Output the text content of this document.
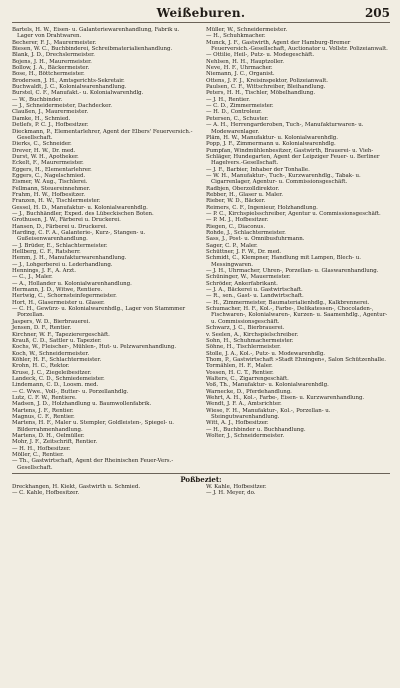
Weißeburen.	205

Bartels, H. W., Eisen- u. Galanteriewarenhandlung, Fabrik u. Lager von Drahtwaren.

Becherer, F. J., Maurermeister.

Biesen, W. C., Buchbinderei, Schreibmaterialienhandlung.

Blank, J. D., Drechslermeister.

Bojens, J. H., Maurermeister.

Bollow, J. A., Bäckermeister.

Bose, H., Böttchermeister.

Brodersen, J. H., Amtsgerichts-Sekretair.

Buchwaldt, J. C., Kolonialwarenhandlung.

Burstel, C. F., Manufakt.- u. Kolonialwarenhdlg.

— W., Buchbinder.

— J., Schneidermeister, Dachdecker.

Claußen, J., Maurermeister.

Damke, H., Schmied.

Detlefs, P. C. J., Hofbesitzer.

Dieckmann, P., Elementarlehrer, Agent der Elbers' Feuerversich.-Gesellschaft.

Dierks, C., Schneider.

Drever, H. W., Dr. med.

Durst, W. H., Apotheker.

Eckelt, F., Maurermeister.

Eggers, H., Elementarlehrer.

Eggers, C., Nagelschmied.

Eismer, W. Aug., Tischlerei.

Fellmann, Steuereinnehmer.

Frahm, H. W., Hofbesitzer.

Franzen, H. W., Tischlermeister.

Gessel, H. D., Manufaktur- u. Kolonialwarenhdlg.

— J., Buchhändler, Exped. des Lübeckischen Boten.

Grothusen, J. W., Färberei u. Druckerei.

Hansen, D., Färberei u. Druckerei.

Harding, C. F. A., Galanterie-, Kurz-, Stangen- u. Gußeisenwarenhandlung.

— J. Brüder, E., Schlachtermeister.

Hellberg, C. F., Ratsherr.

Hemm, J. H., Manufakturwarenhandlung.

— J., Lohgerberei u. Lederhandlung.

Hennings, J. F., A. Arzt.

— C., J., Maler.

— A., Hollander u. Kolonialwarenhandlung.

Hermann, J. D., Witwe, Rentiere.

Hertwig, C., Schornsteinfegermeister.

Hort, H., Glasermeister u. Glaser.

— C. H., Gewürz- u. Kolonialwarenhdlg., Lager von Stammmer Porzellan.

Jaspers, W. D., Bierbrauerei.

Jensen, D. F., Rentier.

Kirchner, W. F., Tapezierergeschäft.

Krauß, C. D., Sattler u. Tapezier.

Kochs, W., Fleischer-, Mühlen-, Hut- u. Pelzwarenhandlung.

Koch, W., Schneidermeister.

Köhler, H. F., Schlachtermeister.

Krohn, H. C., Rektor.

Kruse, J. C., Ziegeleibesitzer.

Landeck, C. D., Schmiedemeister.

Lindemann, C. D., Loosm. med.

— C. Wwe., Voll-, Butter- u. Porzellanhdlg.

Lutz, C. F. W., Rentiere.

Madsen, J. D., Holzhandlung u. Baumwollenfabrik.

Martens, J. F., Rentier.

Magnus, C. F., Rentier.

Martens, H. F., Maler u. Stempler, Goldleisten-, Spiegel- u. Bilderrahmenhandlung.

Martens, D. H., Oelmüller.

Mohr, J. F., Zeitschrift, Rentier.

— H. H., Hofbesitzer.

Möller, C., Rentier.

— Th., Gastwirtschaft, Agent der Rheinischen Feuer-Vers.-Gesellschaft.

Müller, W., Schneidermeister.

— H., Schuhkmacher.

Munck, J. F., Gastwirth, Agent der Hamburg-Bremer Feuerversich.-Gesellschaft, Auctionator u. Vollstr. Polizeianwalt.

— Ottilie, Heil-, Putz- u. Modegeschäft.

Nehlsen, H. H., Hauptzoller.

Neve, H. F., Uhrmacher.

Niemann, J. C., Organist.

Ottens, J. F. J., Kreisinspektor, Polizeianwalt.

Paulsen, C. F., Wittschreiber, Bleihandlung.

Peters, H. H., Tischler, Möbelhandlung.

— J. H., Rentier.

— C. D., Zimmermeister.

— H. D., Controleur.

Petersen, C., Schuster.

— A. H., Herrengarderoben, Tuch-, Manufakturwaren- u. Modewarenlager.

Pläm, H. W., Manufaktur- u. Kolonialwarenhdlg.

Popp, J. F., Zimmermann u. Kolonialwarenhdlg.

Pumpfan, Windmühlenbesitzer, Gastwirth, Brauerei- u. Vieh-

Schläger, Hundegarten, Agent der Leipziger Feuer- u. Berliner Hagelvers.-Gesellschaft.

— J. F., Barbier, Inhaber der Tonhalle.

— W. H., Manufaktur-, Tuch-, Kurzwarenhdlg., Tabak- u. Cigarrenlager, Agentur- u. Commissionsgeschäft.

Radbjen, Oberzolldirektor.

Rebber, H., Glaser u. Maler.

Rieber, W. D., Bäcker.

Reimers, C. F., Ingenieur, Holzhandlung.

— P. C., Kirchspielsschreiber, Agentur u. Commissionsgeschäft.

— P. M. J., Hofbesitzer.

Riegen, C., Diaconus.

Rohde, J., Schlachtermeister.

Sass, J., Post- u. Omnibusfuhrmann.

Sager, C. P., Maler.

Schüttner, J. F. W., Dr. med.

Schmidt, C., Klempner, Handlung mit Lampen, Blech- u. Messingwaren.

— J. H., Uhrmacher, Uhren-, Porzellan- u. Glaswarenhandlung.

Schüninger, W., Mauermeister.

Schröder, Ankerfabrikant.

— J. A., Bäckerei u. Gastwirtschaft.

— R., sen., Gast- u. Landwirtschaft.

— H., Zimmermeister, Baumaterialienhdlg., Kalkbrennerei.

Schumacher, H. F., Kol.-, Farbe-, Delikatessen-, Chocoladen-, Fischwaren-, Kolonialwaren-, Kurzen- u. Saamenhdlg., Agentur- u. Commissionsgeschäft.

Schwarz, J. C., Bierbrauerei.

v. Seelen, A., Kirchspielschreiber.

Sohn, H., Schuhmachermeister.

Söhne, H., Tischlermeister.

Stolle, J. A., Kol.-, Putz- u. Modewarenhdlg.

Thom, P., Gastwirtschaft »Stadt Ehningen«, Salon Schützenhalle.

Tormählen, H. F., Maler.

Vossen, H. C. T., Rentier.

Walters, C., Zigarrengeschäft.

Voß, Th., Manufaktur- u. Kolonialwarenhdlg.

Warnecke, D., Pferdehandlung.

Wehrt, A. H., Kol.-, Farbe-, Eisen- u. Kurzwarenhandlung.

Wendt, J. F. A., Amtsrichter.

Wiese, F. H., Manufaktur-, Kol.-, Porzellan- u. Steingutwarenhandlung.

Witt, A. J., Hofbesitzer.

— H., Buchbinder u. Buchhandlung.

Wolter, J., Schneidermeister.

Poßbeziet:

Dreckhangen, H. Kiekt, Gastwirth u. Schmied.

— C. Kahle, Hofbesitzer.

W. Kahle, Hofbesitzer.

— J. H. Meyer, do.
